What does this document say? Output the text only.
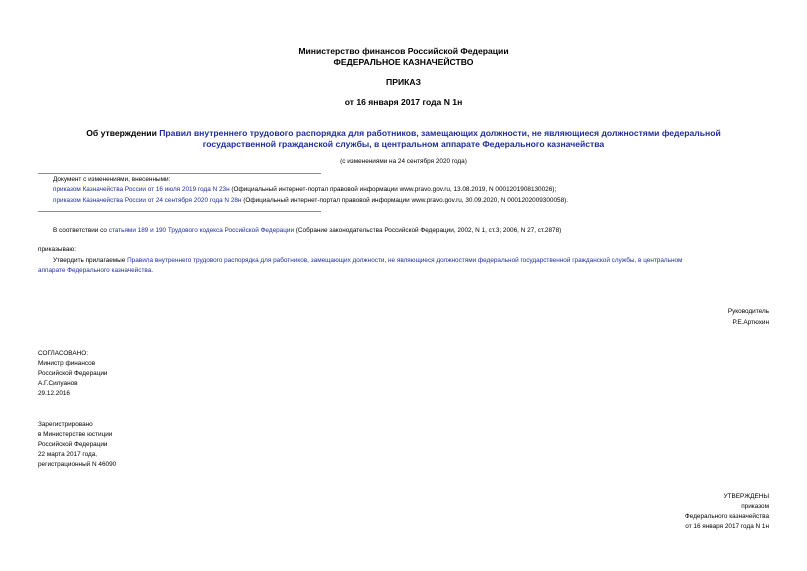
Министерство финансов Российской Федерации
ФЕДЕРАЛЬНОЕ КАЗНАЧЕЙСТВО
ПРИКАЗ
от 16 января 2017 года N 1н
Об утверждении Правил внутреннего трудового распорядка для работников, замещающих должности, не являющиеся должностями федеральной
государственной гражданской службы, в центральном аппарате Федерального казначейства
(с изменениями на 24 сентября 2020 года)
Документ с изменениями, внесенными:
приказом Казначейства России от 16 июля 2019 года N 23н (Официальный интернет-портал правовой информации www.pravo.gov.ru, 13.08.2019, N 0001201908130026);
приказом Казначейства России от 24 сентября 2020 года N 28н (Официальный интернет-портал правовой информации www.pravo.gov.ru, 30.09.2020, N 0001202009300058).
В соответствии со статьями 189 и 190 Трудового кодекса Российской Федерации (Собрание законодательства Российской Федерации, 2002, N 1, ст.3; 2006, N 27, ст.2878)
приказываю:
Утвердить прилагаемые Правила внутреннего трудового распорядка для работников, замещающих должности, не являющиеся должностями федеральной государственной гражданской службы, в центральном
аппарате Федерального казначейства.
Руководитель
Р.Е.Артюхин
СОГЛАСОВАНО:
Министр финансов
Российской Федерации
А.Г.Силуанов
29.12.2016
Зарегистрировано
в Министерстве юстиции
Российской Федерации
22 марта 2017 года,
регистрационный N 46090
УТВЕРЖДЕНЫ
приказом
Федерального казначейства
от 16 января 2017 года N 1н
